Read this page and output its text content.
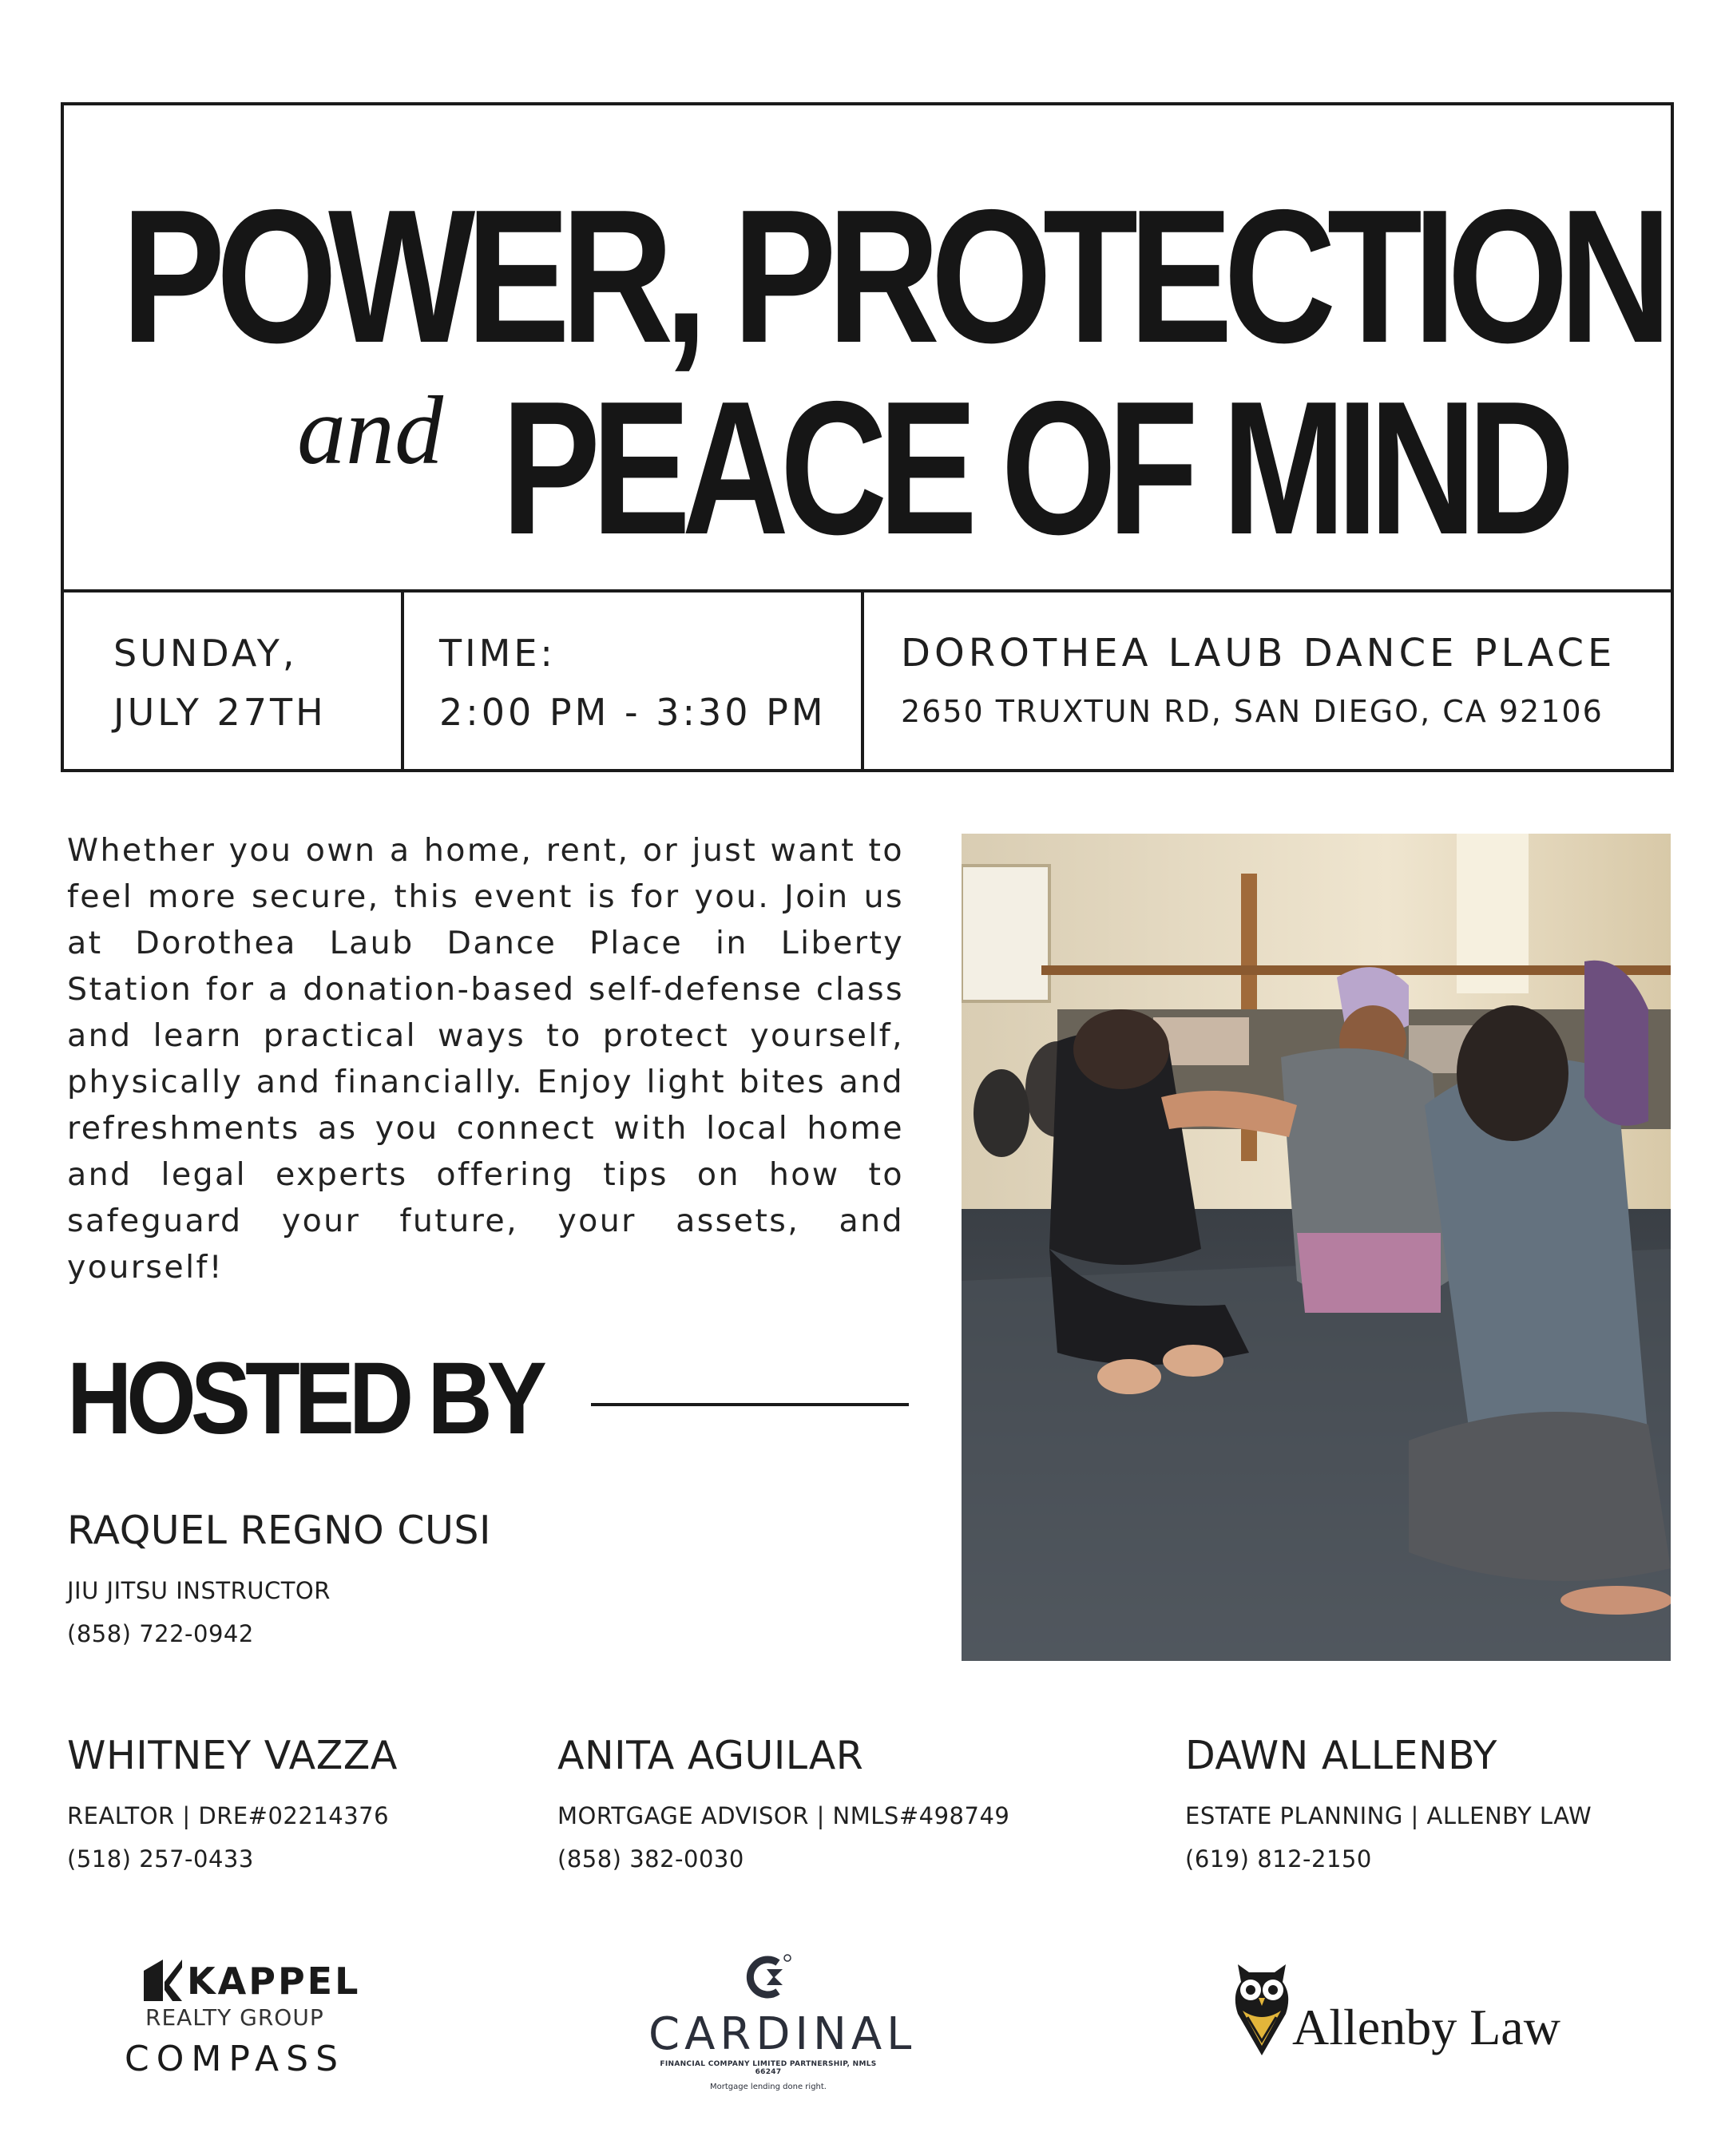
POWER, PROTECTION
and PEACE OF MIND
SUNDAY,
JULY 27TH
TIME:
2:00 PM - 3:30 PM
DOROTHEA LAUB DANCE PLACE
2650 TRUXTUN RD, SAN DIEGO, CA 92106
Whether you own a home, rent, or just want to feel more secure, this event is for you. Join us at Dorothea Laub Dance Place in Liberty Station for a donation-based self-defense class and learn practical ways to protect yourself, physically and financially. Enjoy light bites and refreshments as you connect with local home and legal experts offering tips on how to safeguard your future, your assets, and yourself!
HOSTED BY
RAQUEL REGNO CUSI
JIU JITSU INSTRUCTOR
(858) 722-0942
WHITNEY VAZZA
REALTOR | DRE#02214376
(518) 257-0433
ANITA AGUILAR
MORTGAGE ADVISOR | NMLS#498749
(858) 382-0030
DAWN ALLENBY
ESTATE PLANNING | ALLENBY LAW
(619) 812-2150
KAPPEL
REALTY GROUP
COMPASS	CARDINAL
FINANCIAL COMPANY LIMITED PARTNERSHIP, NMLS 66247
Mortgage lending done right.
Allenby Law
